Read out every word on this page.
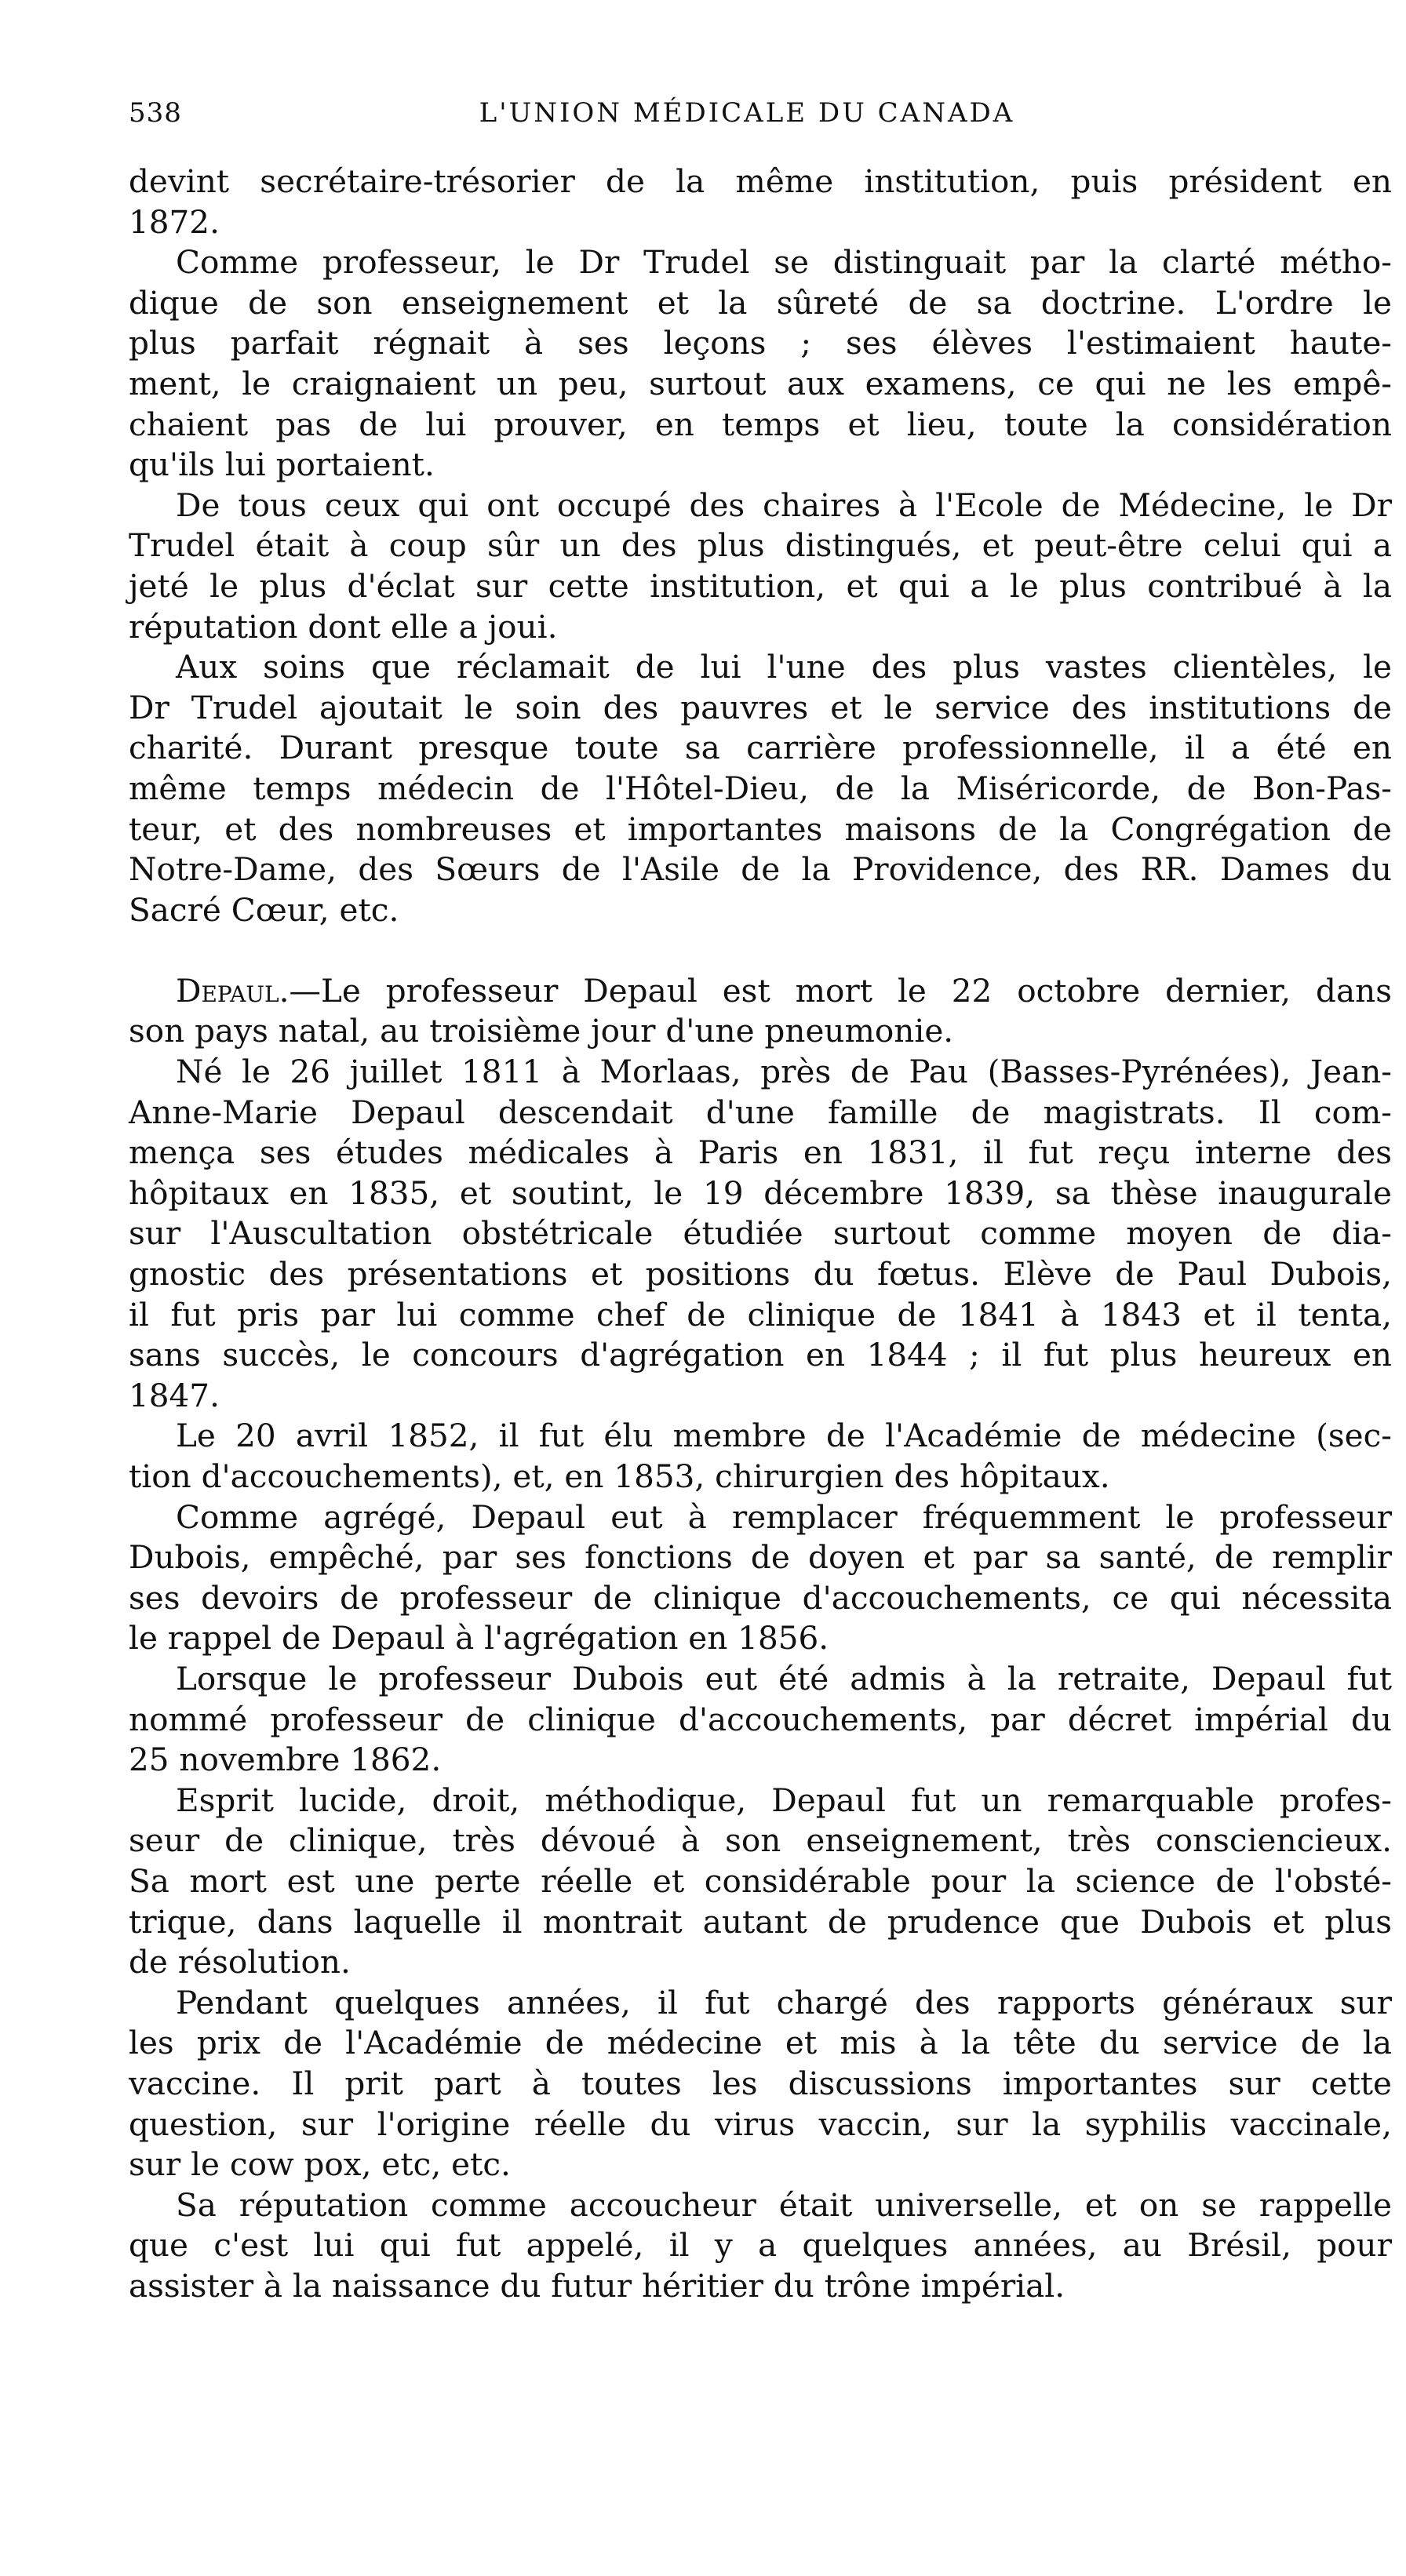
538	L'UNION MÉDICALE DU CANADA
devint secrétaire-trésorier de la même institution, puis président en
1872.
Comme professeur, le Dr Trudel se distinguait par la clarté métho-
dique de son enseignement et la sûreté de sa doctrine. L'ordre le
plus parfait régnait à ses leçons ; ses élèves l'estimaient haute-
ment, le craignaient un peu, surtout aux examens, ce qui ne les empê-
chaient pas de lui prouver, en temps et lieu, toute la considération
qu'ils lui portaient.
De tous ceux qui ont occupé des chaires à l'Ecole de Médecine, le Dr
Trudel était à coup sûr un des plus distingués, et peut-être celui qui a
jeté le plus d'éclat sur cette institution, et qui a le plus contribué à la
réputation dont elle a joui.
Aux soins que réclamait de lui l'une des plus vastes clientèles, le
Dr Trudel ajoutait le soin des pauvres et le service des institutions de
charité. Durant presque toute sa carrière professionnelle, il a été en
même temps médecin de l'Hôtel-Dieu, de la Miséricorde, de Bon-Pas-
teur, et des nombreuses et importantes maisons de la Congrégation de
Notre-Dame, des Sœurs de l'Asile de la Providence, des RR. Dames du
Sacré Cœur, etc.
Depaul.—Le professeur Depaul est mort le 22 octobre dernier, dans
son pays natal, au troisième jour d'une pneumonie.
Né le 26 juillet 1811 à Morlaas, près de Pau (Basses-Pyrénées), Jean-
Anne-Marie Depaul descendait d'une famille de magistrats. Il com-
mença ses études médicales à Paris en 1831, il fut reçu interne des
hôpitaux en 1835, et soutint, le 19 décembre 1839, sa thèse inaugurale
sur l'Auscultation obstétricale étudiée surtout comme moyen de dia-
gnostic des présentations et positions du fœtus. Elève de Paul Dubois,
il fut pris par lui comme chef de clinique de 1841 à 1843 et il tenta,
sans succès, le concours d'agrégation en 1844 ; il fut plus heureux en
1847.
Le 20 avril 1852, il fut élu membre de l'Académie de médecine (sec-
tion d'accouchements), et, en 1853, chirurgien des hôpitaux.
Comme agrégé, Depaul eut à remplacer fréquemment le professeur
Dubois, empêché, par ses fonctions de doyen et par sa santé, de remplir
ses devoirs de professeur de clinique d'accouchements, ce qui nécessita
le rappel de Depaul à l'agrégation en 1856.
Lorsque le professeur Dubois eut été admis à la retraite, Depaul fut
nommé professeur de clinique d'accouchements, par décret impérial du
25 novembre 1862.
Esprit lucide, droit, méthodique, Depaul fut un remarquable profes-
seur de clinique, très dévoué à son enseignement, très consciencieux.
Sa mort est une perte réelle et considérable pour la science de l'obsté-
trique, dans laquelle il montrait autant de prudence que Dubois et plus
de résolution.
Pendant quelques années, il fut chargé des rapports généraux sur
les prix de l'Académie de médecine et mis à la tête du service de la
vaccine. Il prit part à toutes les discussions importantes sur cette
question, sur l'origine réelle du virus vaccin, sur la syphilis vaccinale,
sur le cow pox, etc, etc.
Sa réputation comme accoucheur était universelle, et on se rappelle
que c'est lui qui fut appelé, il y a quelques années, au Brésil, pour
assister à la naissance du futur héritier du trône impérial.
